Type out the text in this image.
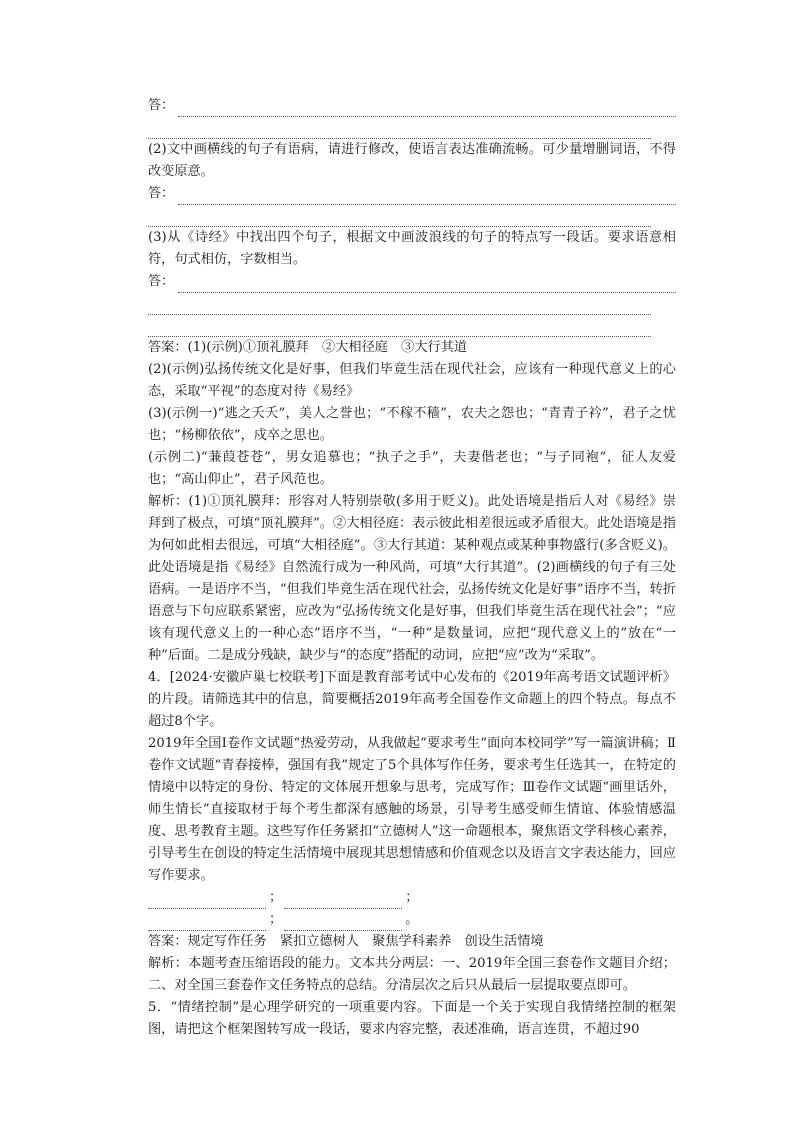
答：

(2)文中画横线的句子有语病，请进行修改，使语言表达准确流畅。可少量增删词语，不得改变原意。

答：

(3)从《诗经》中找出四个句子，根据文中画波浪线的句子的特点写一段话。要求语意相符，句式相仿，字数相当。

答：

答案：(1)(示例)①顶礼膜拜　②大相径庭　③大行其道

(2)(示例)弘扬传统文化是好事，但我们毕竟生活在现代社会，应该有一种现代意义上的心态，采取“平视”的态度对待《易经》

(3)(示例一)“逃之夭夭”，美人之誉也；“不稼不穑”，农夫之怨也；“青青子衿”，君子之忧也；“杨柳依依”，戍卒之思也。

(示例二)“蒹葭苍苍”，男女追慕也；“执子之手”，夫妻偕老也；“与子同袍”，征人友爱也；“高山仰止”，君子风范也。

解析：(1)①顶礼膜拜：形容对人特别崇敬(多用于贬义)。此处语境是指后人对《易经》崇拜到了极点，可填“顶礼膜拜”。②大相径庭：表示彼此相差很远或矛盾很大。此处语境是指为何如此相去很远，可填“大相径庭”。③大行其道：某种观点或某种事物盛行(多含贬义)。此处语境是指《易经》自然流行成为一种风尚，可填“大行其道”。(2)画横线的句子有三处语病。一是语序不当，“但我们毕竟生活在现代社会，弘扬传统文化是好事”语序不当，转折语意与下句应联系紧密，应改为“弘扬传统文化是好事，但我们毕竟生活在现代社会”；“应该有现代意义上的一种心态”语序不当，“一种”是数量词，应把“现代意义上的”放在“一种”后面。二是成分残缺，缺少与“的态度”搭配的动词，应把“应”改为“采取”。

4．[2024·安徽庐巢七校联考]下面是教育部考试中心发布的《2019年高考语文试题评析》的片段。请筛选其中的信息，简要概括2019年高考全国卷作文命题上的四个特点。每点不超过8个字。

2019年全国Ⅰ卷作文试题“热爱劳动，从我做起”要求考生“面向本校同学”写一篇演讲稿；Ⅱ卷作文试题“青春接棒，强国有我”规定了5个具体写作任务，要求考生任选其一，在特定的情境中以特定的身份、特定的文体展开想象与思考，完成写作；Ⅲ卷作文试题“画里话外，师生情长”直接取材于每个考生都深有感触的场景，引导考生感受师生情谊、体验情感温度、思考教育主题。这些写作任务紧扣“立德树人”这一命题根本，聚焦语文学科核心素养，引导考生在创设的特定生活情境中展现其思想情感和价值观念以及语言文字表达能力，回应写作要求。

；	；
；	。

答案：规定写作任务　紧扣立德树人　聚焦学科素养　创设生活情境

解析：本题考查压缩语段的能力。文本共分两层：一、2019年全国三套卷作文题目介绍；二、对全国三套卷作文任务特点的总结。分清层次之后只从最后一层提取要点即可。

5．“情绪控制”是心理学研究的一项重要内容。下面是一个关于实现自我情绪控制的框架图，请把这个框架图转写成一段话，要求内容完整，表述准确，语言连贯，不超过90
